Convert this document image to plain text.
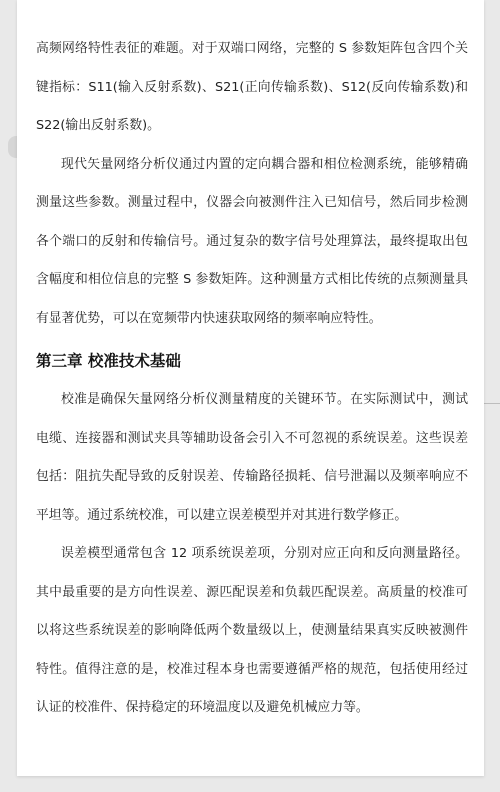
高频网络特性表征的难题。对于双端口网络，完整的 S 参数矩阵包含四个关键指标：S11(输入反射系数)、S21(正向传输系数)、S12(反向传输系数)和 S22(输出反射系数)。

现代矢量网络分析仪通过内置的定向耦合器和相位检测系统，能够精确测量这些参数。测量过程中，仪器会向被测件注入已知信号，然后同步检测各个端口的反射和传输信号。通过复杂的数字信号处理算法，最终提取出包含幅度和相位信息的完整 S 参数矩阵。这种测量方式相比传统的点频测量具有显著优势，可以在宽频带内快速获取网络的频率响应特性。

第三章 校准技术基础

校准是确保矢量网络分析仪测量精度的关键环节。在实际测试中，测试电缆、连接器和测试夹具等辅助设备会引入不可忽视的系统误差。这些误差包括：阻抗失配导致的反射误差、传输路径损耗、信号泄漏以及频率响应不平坦等。通过系统校准，可以建立误差模型并对其进行数学修正。

误差模型通常包含 12 项系统误差项，分别对应正向和反向测量路径。其中最重要的是方向性误差、源匹配误差和负载匹配误差。高质量的校准可以将这些系统误差的影响降低两个数量级以上，使测量结果真实反映被测件特性。值得注意的是，校准过程本身也需要遵循严格的规范，包括使用经过认证的校准件、保持稳定的环境温度以及避免机械应力等。
